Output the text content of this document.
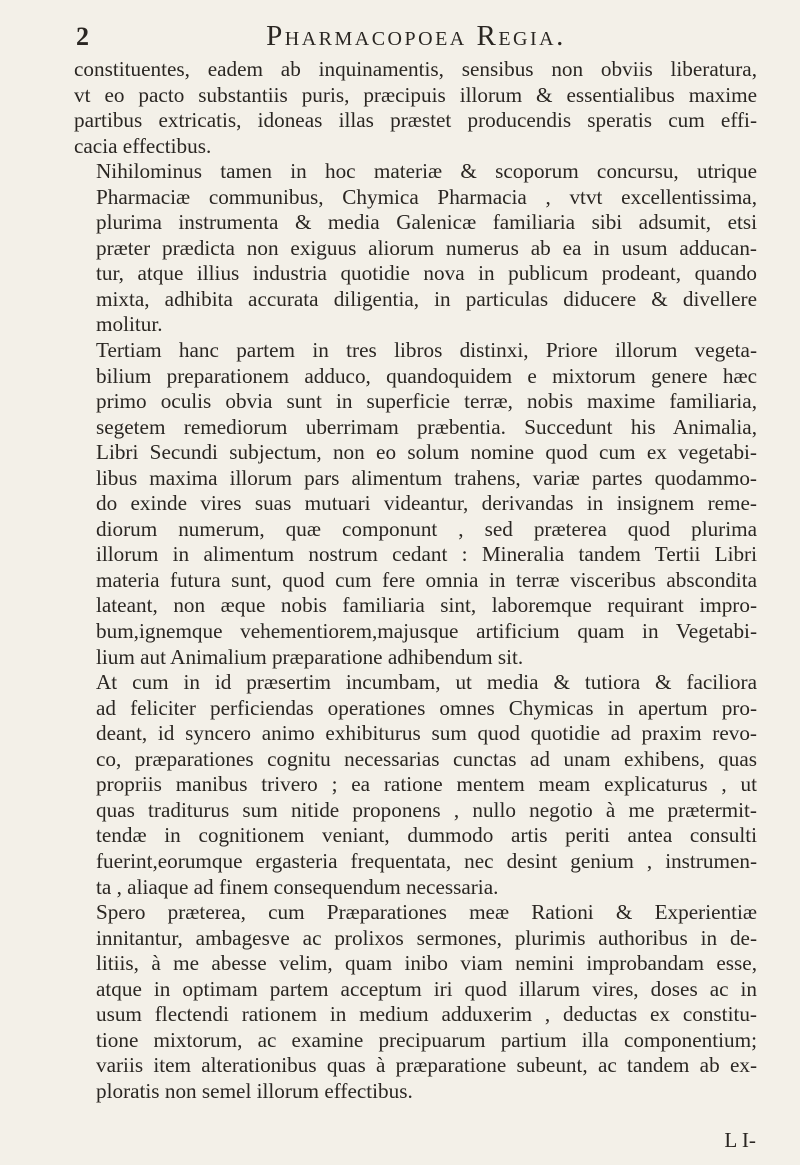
2	Pharmacopoea Regia.

constituentes, eadem ab inquinamentis, sensibus non obviis liberatura,
vt eo pacto substantiis puris, præcipuis illorum & essentialibus maxime
partibus extricatis, idoneas illas præstet producendis speratis cum effi-
cacia effectibus.

Nihilominus tamen in hoc materiæ & scoporum concursu, utrique
Pharmaciæ communibus, Chymica Pharmacia , vtvt excellentissima,
plurima instrumenta & media Galenicæ familiaria sibi adsumit, etsi
præter prædicta non exiguus aliorum numerus ab ea in usum adducan-
tur, atque illius industria quotidie nova in publicum prodeant, quando
mixta, adhibita accurata diligentia, in particulas diducere & divellere
molitur.

Tertiam hanc partem in tres libros distinxi, Priore illorum vegeta-
bilium preparationem adduco, quandoquidem e mixtorum genere hæc
primo oculis obvia sunt in superficie terræ, nobis maxime familiaria,
segetem remediorum uberrimam præbentia. Succedunt his Animalia,
Libri Secundi subjectum, non eo solum nomine quod cum ex vegetabi-
libus maxima illorum pars alimentum trahens, variæ partes quodammo-
do exinde vires suas mutuari videantur, derivandas in insignem reme-
diorum numerum, quæ componunt , sed præterea quod plurima
illorum in alimentum nostrum cedant : Mineralia tandem Tertii Libri
materia futura sunt, quod cum fere omnia in terræ visceribus abscondita
lateant, non æque nobis familiaria sint, laboremque requirant impro-
bum,ignemque vehementiorem,majusque artificium quam in Vegetabi-
lium aut Animalium præparatione adhibendum sit.

At cum in id præsertim incumbam, ut media & tutiora & faciliora
ad feliciter perficiendas operationes omnes Chymicas in apertum pro-
deant, id syncero animo exhibiturus sum quod quotidie ad praxim revo-
co, præparationes cognitu necessarias cunctas ad unam exhibens, quas
propriis manibus trivero ; ea ratione mentem meam explicaturus , ut
quas traditurus sum nitide proponens , nullo negotio à me prætermit-
tendæ in cognitionem veniant, dummodo artis periti antea consulti
fuerint,eorumque ergasteria frequentata, nec desint genium , instrumen-
ta , aliaque ad finem consequendum necessaria.

Spero præterea, cum Præparationes meæ Rationi & Experientiæ
innitantur, ambagesve ac prolixos sermones, plurimis authoribus in de-
litiis, à me abesse velim, quam inibo viam nemini improbandam esse,
atque in optimam partem acceptum iri quod illarum vires, doses ac in
usum flectendi rationem in medium adduxerim , deductas ex constitu-
tione mixtorum, ac examine precipuarum partium illa componentium;
variis item alterationibus quas à præparatione subeunt, ac tandem ab ex-
ploratis non semel illorum effectibus.

L I-
